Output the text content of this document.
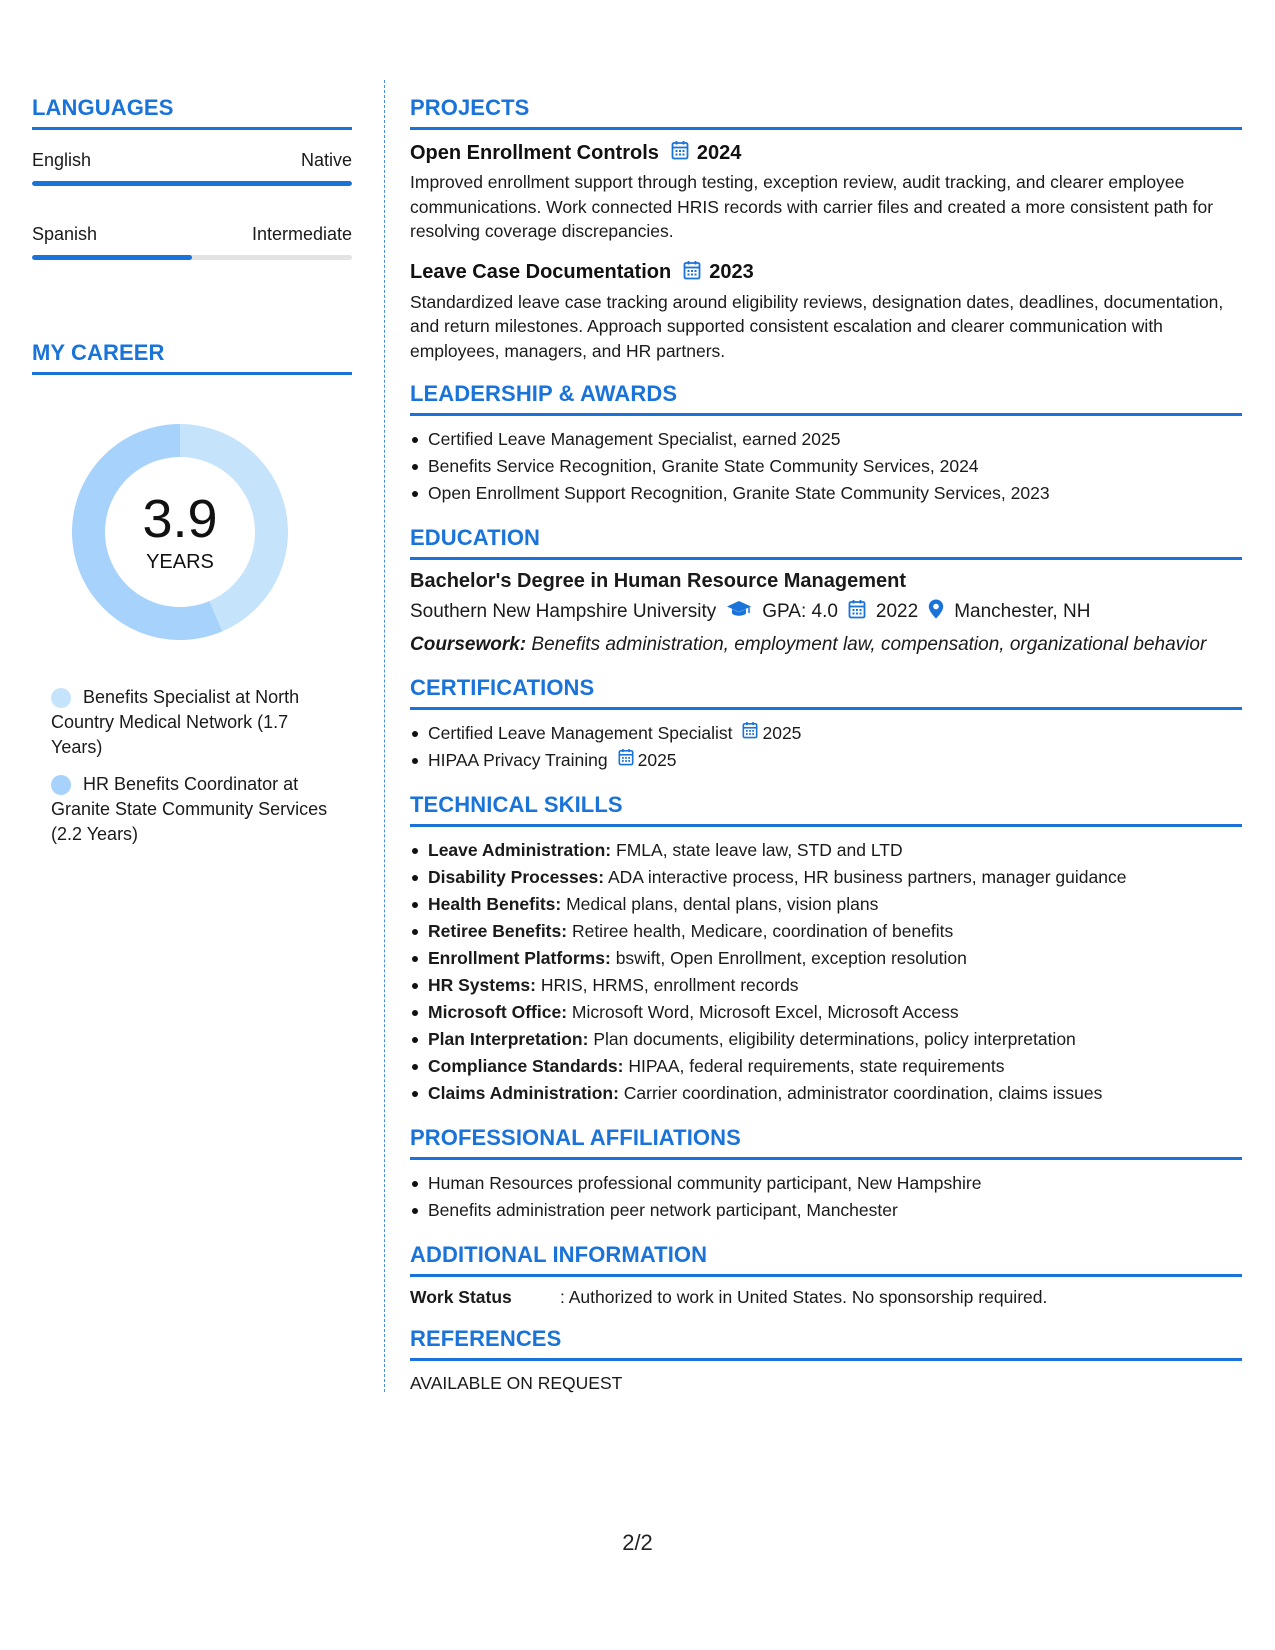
LANGUAGES
English	Native
Spanish	Intermediate
MY CAREER
3.9
YEARS
Benefits Specialist at North Country Medical Network (1.7 Years)
HR Benefits Coordinator at Granite State Community Services (2.2 Years)
PROJECTS
Open Enrollment Controls 2024
Improved enrollment support through testing, exception review, audit tracking, and clearer employee communications. Work connected HRIS records with carrier files and created a more consistent path for resolving coverage discrepancies.
Leave Case Documentation 2023
Standardized leave case tracking around eligibility reviews, designation dates, deadlines, documentation, and return milestones. Approach supported consistent escalation and clearer communication with employees, managers, and HR partners.
LEADERSHIP & AWARDS
Certified Leave Management Specialist, earned 2025
Benefits Service Recognition, Granite State Community Services, 2024
Open Enrollment Support Recognition, Granite State Community Services, 2023
EDUCATION
Bachelor's Degree in Human Resource Management
Southern New Hampshire University GPA: 4.0 2022 Manchester, NH
Coursework: Benefits administration, employment law, compensation, organizational behavior
CERTIFICATIONS
Certified Leave Management Specialist 2025
HIPAA Privacy Training 2025
TECHNICAL SKILLS
Leave Administration: FMLA, state leave law, STD and LTD
Disability Processes: ADA interactive process, HR business partners, manager guidance
Health Benefits: Medical plans, dental plans, vision plans
Retiree Benefits: Retiree health, Medicare, coordination of benefits
Enrollment Platforms: bswift, Open Enrollment, exception resolution
HR Systems: HRIS, HRMS, enrollment records
Microsoft Office: Microsoft Word, Microsoft Excel, Microsoft Access
Plan Interpretation: Plan documents, eligibility determinations, policy interpretation
Compliance Standards: HIPAA, federal requirements, state requirements
Claims Administration: Carrier coordination, administrator coordination, claims issues
PROFESSIONAL AFFILIATIONS
Human Resources professional community participant, New Hampshire
Benefits administration peer network participant, Manchester
ADDITIONAL INFORMATION
Work Status	: Authorized to work in United States. No sponsorship required.
REFERENCES
AVAILABLE ON REQUEST
2/2
